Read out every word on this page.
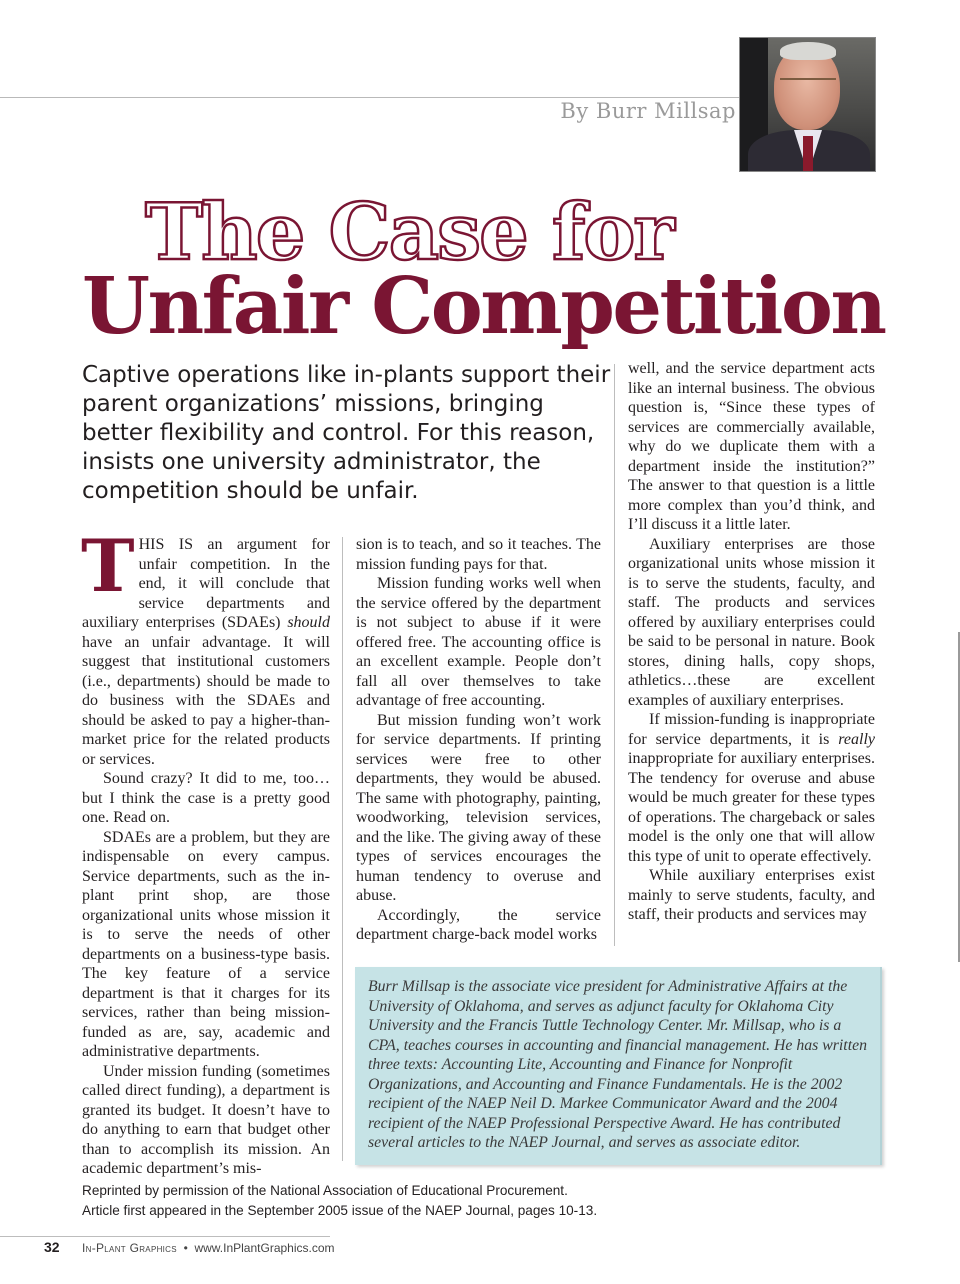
By Burr Millsap
The Case for
Unfair Competition

Captive operations like in-plants support their parent organizations’ missions, bringing better flexibility and control. For this reason, insists one university administrator, the competition should be unfair.

THIS IS an argument for unfair competition. In the end, it will conclude that service departments and auxiliary enterprises (SDAEs) should have an unfair advantage. It will suggest that institutional customers (i.e., departments) should be made to do business with the SDAEs and should be asked to pay a higher-than-market price for the related products or services.

Sound crazy? It did to me, too… but I think the case is a pretty good one. Read on.

SDAEs are a problem, but they are indispensable on every campus. Service departments, such as the in-plant print shop, are those organizational units whose mission it is to serve the needs of other departments on a business-type basis. The key feature of a service department is that it charges for its services, rather than being mission-funded as are, say, academic and administrative departments.

Under mission funding (sometimes called direct funding), a department is granted its budget. It doesn’t have to do anything to earn that budget other than to accomplish its mission. An academic department’s mis-

sion is to teach, and so it teaches. The mission funding pays for that.

Mission funding works well when the service offered by the department is not subject to abuse if it were offered free. The accounting office is an excellent example. People don’t fall all over themselves to take advantage of free accounting.

But mission funding won’t work for service departments. If printing services were free to other departments, they would be abused. The same with photography, painting, woodworking, television services, and the like. The giving away of these types of services encourages the human tendency to overuse and abuse.

Accordingly, the service department charge-back model works

well, and the service department acts like an internal business. The obvious question is, “Since these types of services are commercially available, why do we duplicate them with a department inside the institution?” The answer to that question is a little more complex than you’d think, and I’ll discuss it a little later.

Auxiliary enterprises are those organizational units whose mission it is to serve the students, faculty, and staff. The products and services offered by auxiliary enterprises could be said to be personal in nature. Book stores, dining halls, copy shops, athletics…these are excellent examples of auxiliary enterprises.

If mission-funding is inappropriate for service departments, it is really inappropriate for auxiliary enterprises. The tendency for overuse and abuse would be much greater for these types of operations. The chargeback or sales model is the only one that will allow this type of unit to operate effectively.

While auxiliary enterprises exist mainly to serve students, faculty, and staff, their products and services may

Burr Millsap is the associate vice president for Administrative Affairs at the University of Oklahoma, and serves as adjunct faculty for Oklahoma City University and the Francis Tuttle Technology Center. Mr. Millsap, who is a CPA, teaches courses in accounting and financial management. He has written three texts: Accounting Lite, Accounting and Finance for Nonprofit Organizations, and Accounting and Finance Fundamentals. He is the 2002 recipient of the NAEP Neil D. Markee Communicator Award and the 2004 recipient of the NAEP Professional Perspective Award. He has contributed several articles to the NAEP Journal, and serves as associate editor.

Reprinted by permission of the National Association of Educational Procurement.
Article first appeared in the September 2005 issue of the NAEP Journal, pages 10-13.
32 In-Plant Graphics • www.InPlantGraphics.com
